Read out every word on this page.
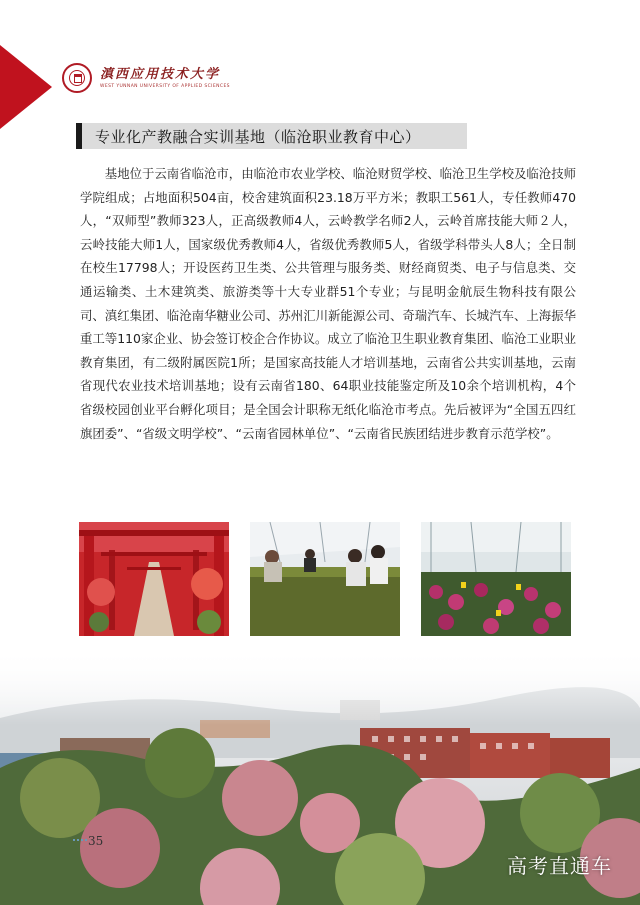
滇西应用技术大学
WEST YUNNAN UNIVERSITY OF APPLIED SCIENCES
专业化产教融合实训基地（临沧职业教育中心）

基地位于云南省临沧市，由临沧市农业学校、临沧财贸学校、临沧卫生学校及临沧技师学院组成；占地面积504亩，校舍建筑面积23.18万平方米；教职工561人，专任教师470人，“双师型”教师323人，正高级教师4人，云岭教学名师2人，云岭首席技能大师２人，云岭技能大师1人，国家级优秀教师4人，省级优秀教师5人，省级学科带头人8人；全日制在校生17798人；开设医药卫生类、公共管理与服务类、财经商贸类、电子与信息类、交通运输类、土木建筑类、旅游类等十大专业群51个专业；与昆明金航辰生物科技有限公司、滇红集团、临沧南华糖业公司、苏州汇川新能源公司、奇瑞汽车、长城汽车、上海振华重工等110家企业、协会签订校企合作协议。成立了临沧卫生职业教育集团、临沧工业职业教育集团，有二级附属医院1所；是国家高技能人才培训基地，云南省公共实训基地，云南省现代农业技术培训基地；设有云南省180、64职业技能鉴定所及10余个培训机构，4个省级校园创业平台孵化项目；是全国会计职称无纸化临沧市考点。先后被评为“全国五四红旗团委”、“省级文明学校”、“云南省园林单位”、“云南省民族团结进步教育示范学校”。

35
高考直通车
